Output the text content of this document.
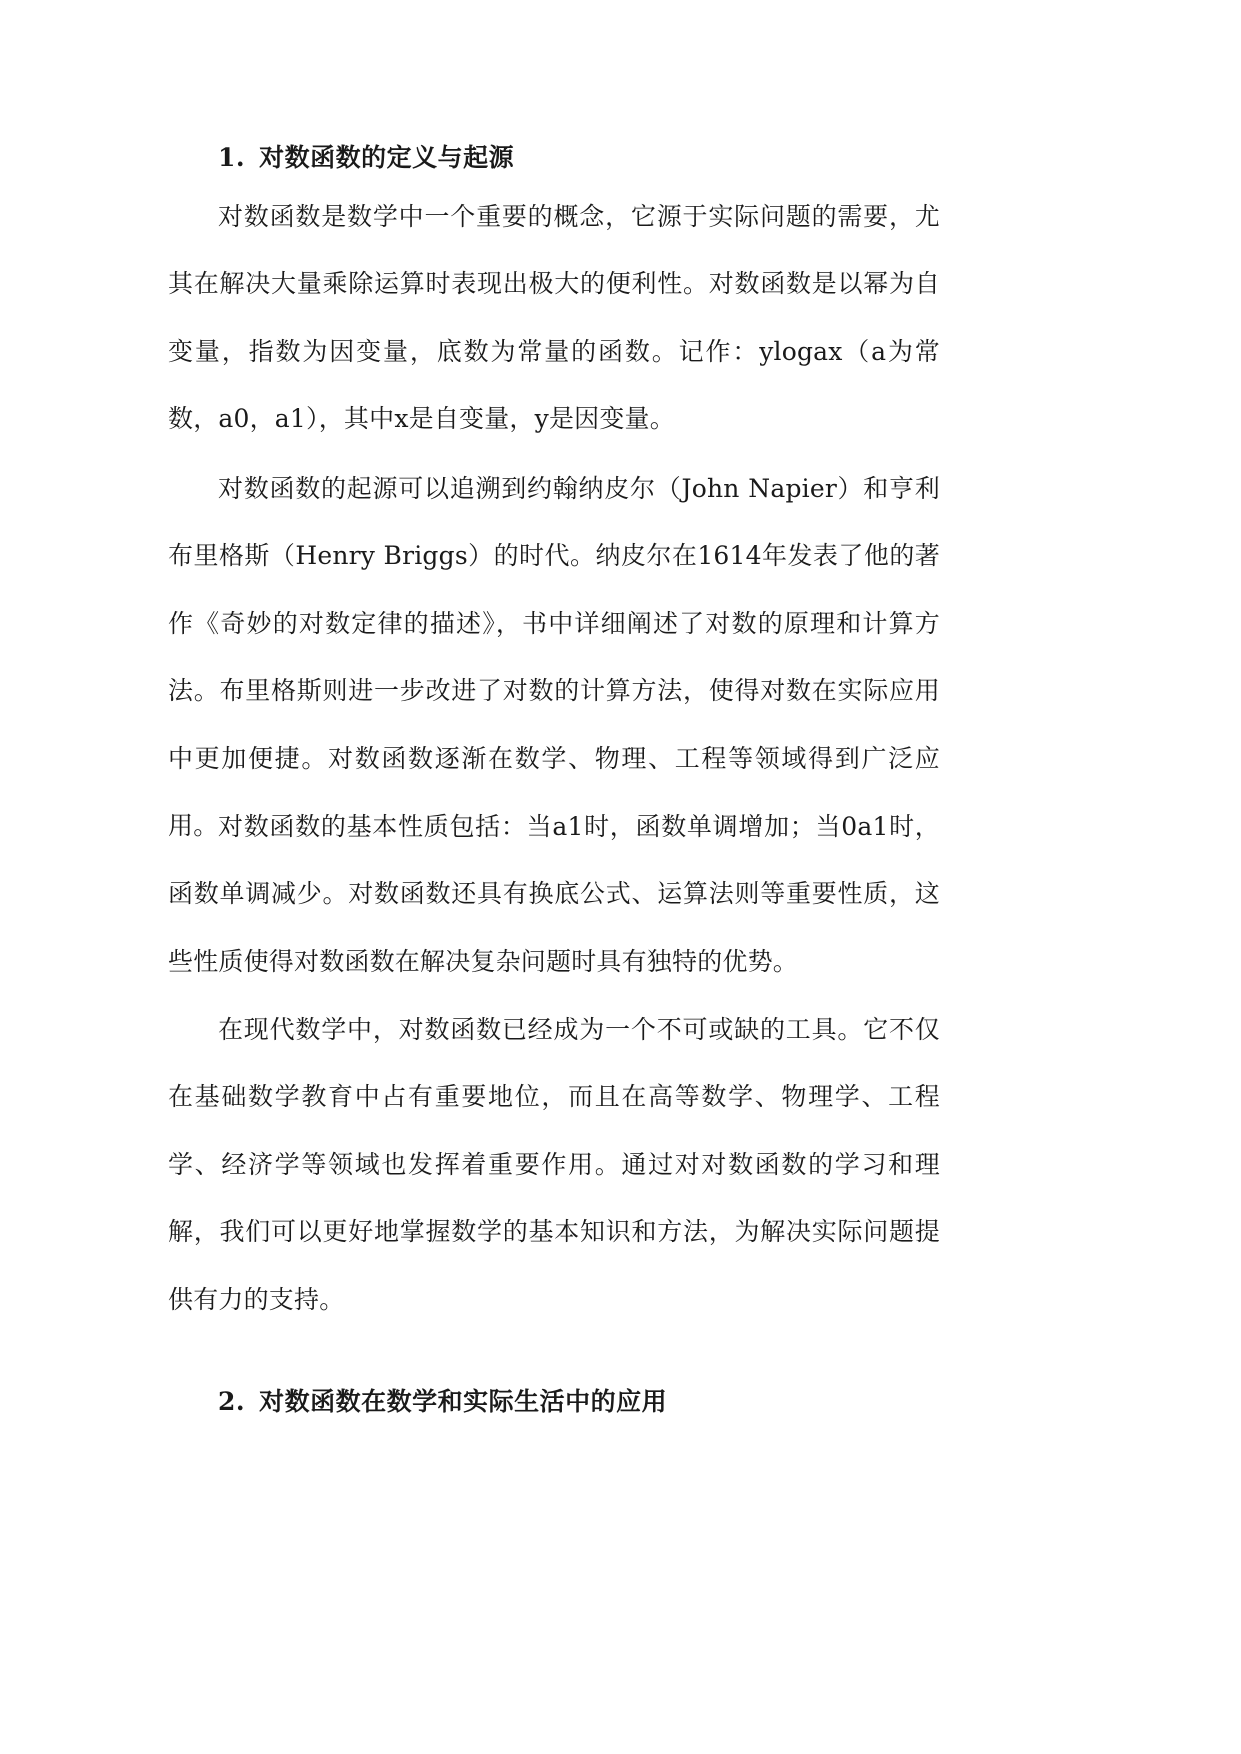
1. 对数函数的定义与起源

对数函数是数学中一个重要的概念，它源于实际问题的需要，尤其在解决大量乘除运算时表现出极大的便利性。对数函数是以幂为自变量，指数为因变量，底数为常量的函数。记作：ylogax（a为常数，a0，a1），其中x是自变量，y是因变量。

对数函数的起源可以追溯到约翰纳皮尔（John Napier）和亨利布里格斯（Henry Briggs）的时代。纳皮尔在1614年发表了他的著作《奇妙的对数定律的描述》，书中详细阐述了对数的原理和计算方法。布里格斯则进一步改进了对数的计算方法，使得对数在实际应用中更加便捷。对数函数逐渐在数学、物理、工程等领域得到广泛应用。 对数函数的基本性质包括：当a1时，函数单调增加；当0a1时，函数单调减少。对数函数还具有换底公式、运算法则等重要性质，这些性质使得对数函数在解决复杂问题时具有独特的优势。

在现代数学中，对数函数已经成为一个不可或缺的工具。它不仅在基础数学教育中占有重要地位，而且在高等数学、物理学、工程学、经济学等领域也发挥着重要作用。通过对对数函数的学习和理解，我们可以更好地掌握数学的基本知识和方法，为解决实际问题提供有力的支持。

2. 对数函数在数学和实际生活中的应用
